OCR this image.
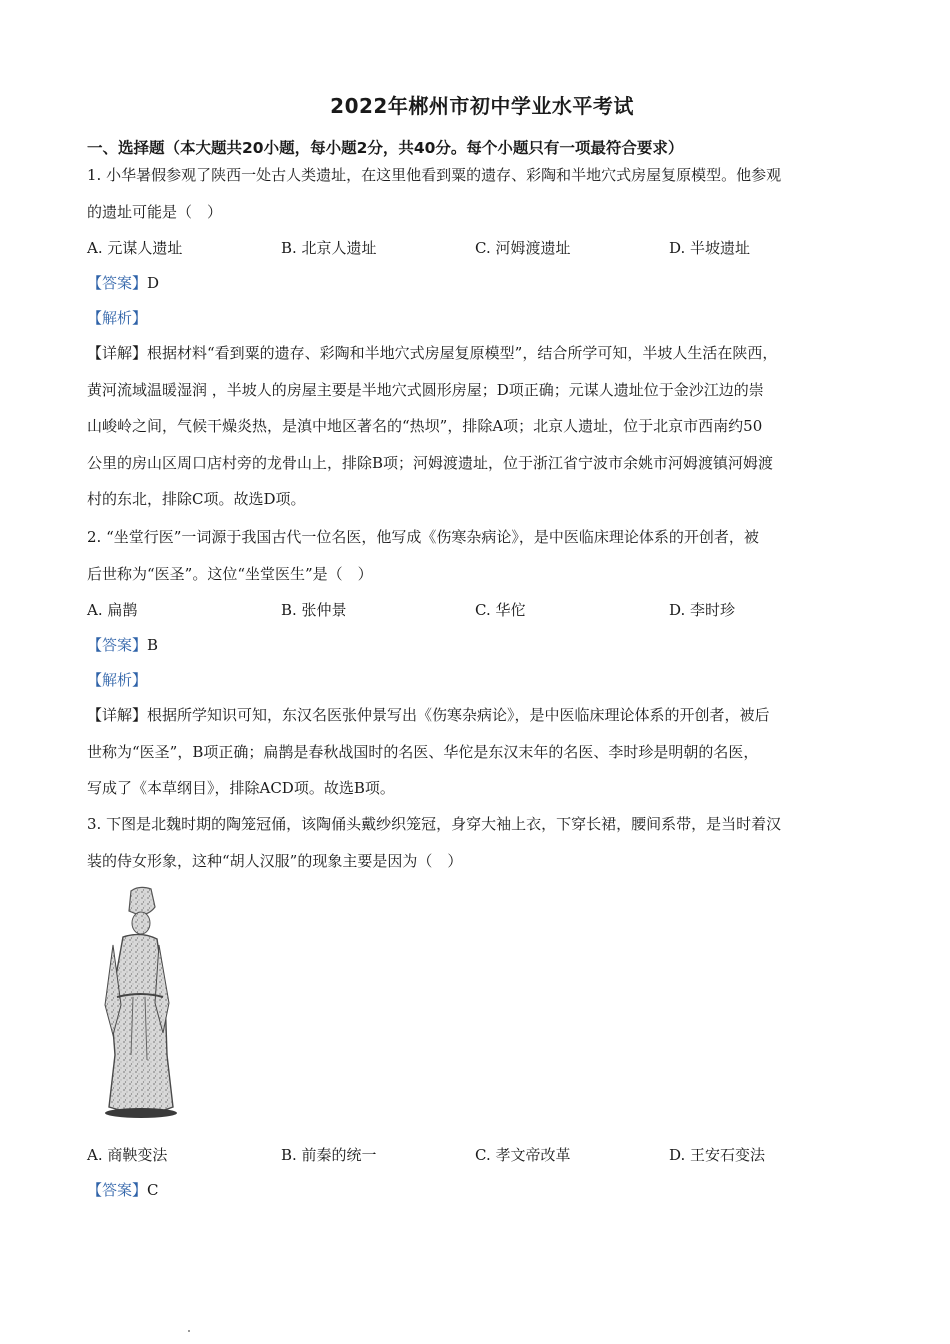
2022年郴州市初中学业水平考试
一、选择题（本大题共20小题，每小题2分，共40分。每个小题只有一项最符合要求）
1. 小华暑假参观了陕西一处古人类遗址，在这里他看到粟的遗存、彩陶和半地穴式房屋复原模型。他参观
的遗址可能是（　）
A. 元谋人遗址	B. 北京人遗址	C. 河姆渡遗址	D. 半坡遗址
【答案】D
【解析】
【详解】根据材料“看到粟的遗存、彩陶和半地穴式房屋复原模型”，结合所学可知，半坡人生活在陕西，
黄河流域温暖湿润 ，半坡人的房屋主要是半地穴式圆形房屋；D项正确；元谋人遗址位于金沙江边的崇
山峻岭之间，气候干燥炎热，是滇中地区著名的“热坝”，排除A项；北京人遗址，位于北京市西南约50
公里的房山区周口店村旁的龙骨山上，排除B项；河姆渡遗址，位于浙江省宁波市余姚市河姆渡镇河姆渡
村的东北，排除C项。故选D项。
2. “坐堂行医”一词源于我国古代一位名医，他写成《伤寒杂病论》，是中医临床理论体系的开创者，被
后世称为“医圣”。这位“坐堂医生”是（　）
A. 扁鹊	B. 张仲景	C. 华佗	D. 李时珍
【答案】B
【解析】
【详解】根据所学知识可知，东汉名医张仲景写出《伤寒杂病论》，是中医临床理论体系的开创者，被后
世称为“医圣”，B项正确；扁鹊是春秋战国时的名医、华佗是东汉末年的名医、李时珍是明朝的名医，
写成了《本草纲目》，排除ACD项。故选B项。
3. 下图是北魏时期的陶笼冠俑，该陶俑头戴纱织笼冠，身穿大袖上衣，下穿长裙，腰间系带，是当时着汉
装的侍女形象，这种“胡人汉服”的现象主要是因为（　）
A. 商鞅变法	B. 前秦的统一	C. 孝文帝改革	D. 王安石变法
【答案】C
